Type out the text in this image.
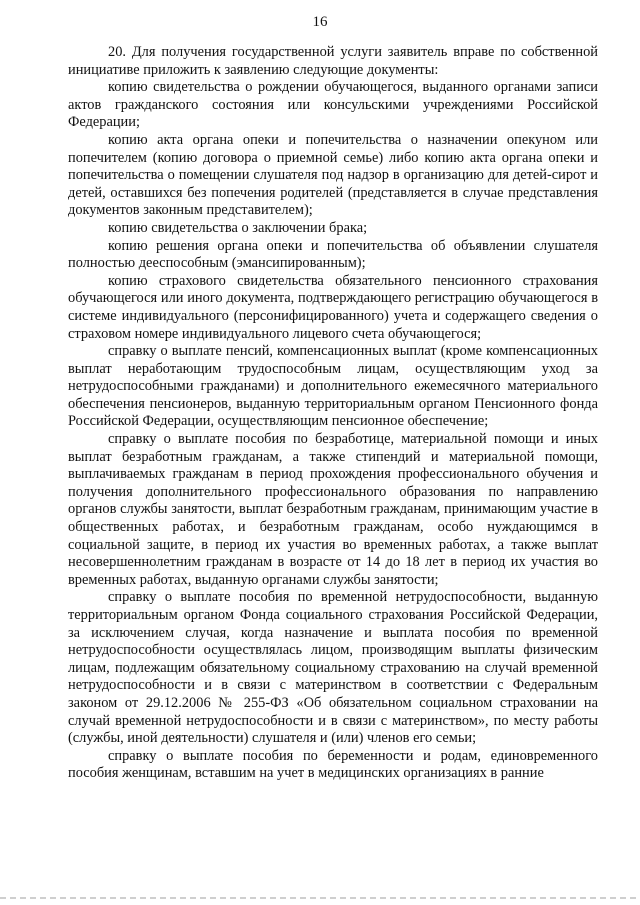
16

20. Для получения государственной услуги заявитель вправе по собственной инициативе приложить к заявлению следующие документы:

копию свидетельства о рождении обучающегося, выданного органами записи актов гражданского состояния или консульскими учреждениями Российской Федерации;

копию акта органа опеки и попечительства о назначении опекуном или попечителем (копию договора о приемной семье) либо копию акта органа опеки и попечительства о помещении слушателя под надзор в организацию для детей-сирот и детей, оставшихся без попечения родителей (представляется в случае представления документов законным представителем);

копию свидетельства о заключении брака;

копию решения органа опеки и попечительства об объявлении слушателя полностью дееспособным (эмансипированным);

копию страхового свидетельства обязательного пенсионного страхования обучающегося или иного документа, подтверждающего регистрацию обучающегося в системе индивидуального (персонифицированного) учета и содержащего сведения о страховом номере индивидуального лицевого счета обучающегося;

справку о выплате пенсий, компенсационных выплат (кроме компенсационных выплат неработающим трудоспособным лицам, осуществляющим уход за нетрудоспособными гражданами) и дополнительного ежемесячного материального обеспечения пенсионеров, выданную территориальным органом Пенсионного фонда Российской Федерации, осуществляющим пенсионное обеспечение;

справку о выплате пособия по безработице, материальной помощи и иных выплат безработным гражданам, а также стипендий и материальной помощи, выплачиваемых гражданам в период прохождения профессионального обучения и получения дополнительного профессионального образования по направлению органов службы занятости, выплат безработным гражданам, принимающим участие в общественных работах, и безработным гражданам, особо нуждающимся в социальной защите, в период их участия во временных работах, а также выплат несовершеннолетним гражданам в возрасте от 14 до 18 лет в период их участия во временных работах, выданную органами службы занятости;

справку о выплате пособия по временной нетрудоспособности, выданную территориальным органом Фонда социального страхования Российской Федерации, за исключением случая, когда назначение и выплата пособия по временной нетрудоспособности осуществлялась лицом, производящим выплаты физическим лицам, подлежащим обязательному социальному страхованию на случай временной нетрудоспособности и в связи с материнством в соответствии с Федеральным законом от 29.12.2006 № 255-ФЗ «Об обязательном социальном страховании на случай временной нетрудоспособности и в связи с материнством», по месту работы (службы, иной деятельности) слушателя и (или) членов его семьи;

справку о выплате пособия по беременности и родам, единовременного пособия женщинам, вставшим на учет в медицинских организациях в ранние
